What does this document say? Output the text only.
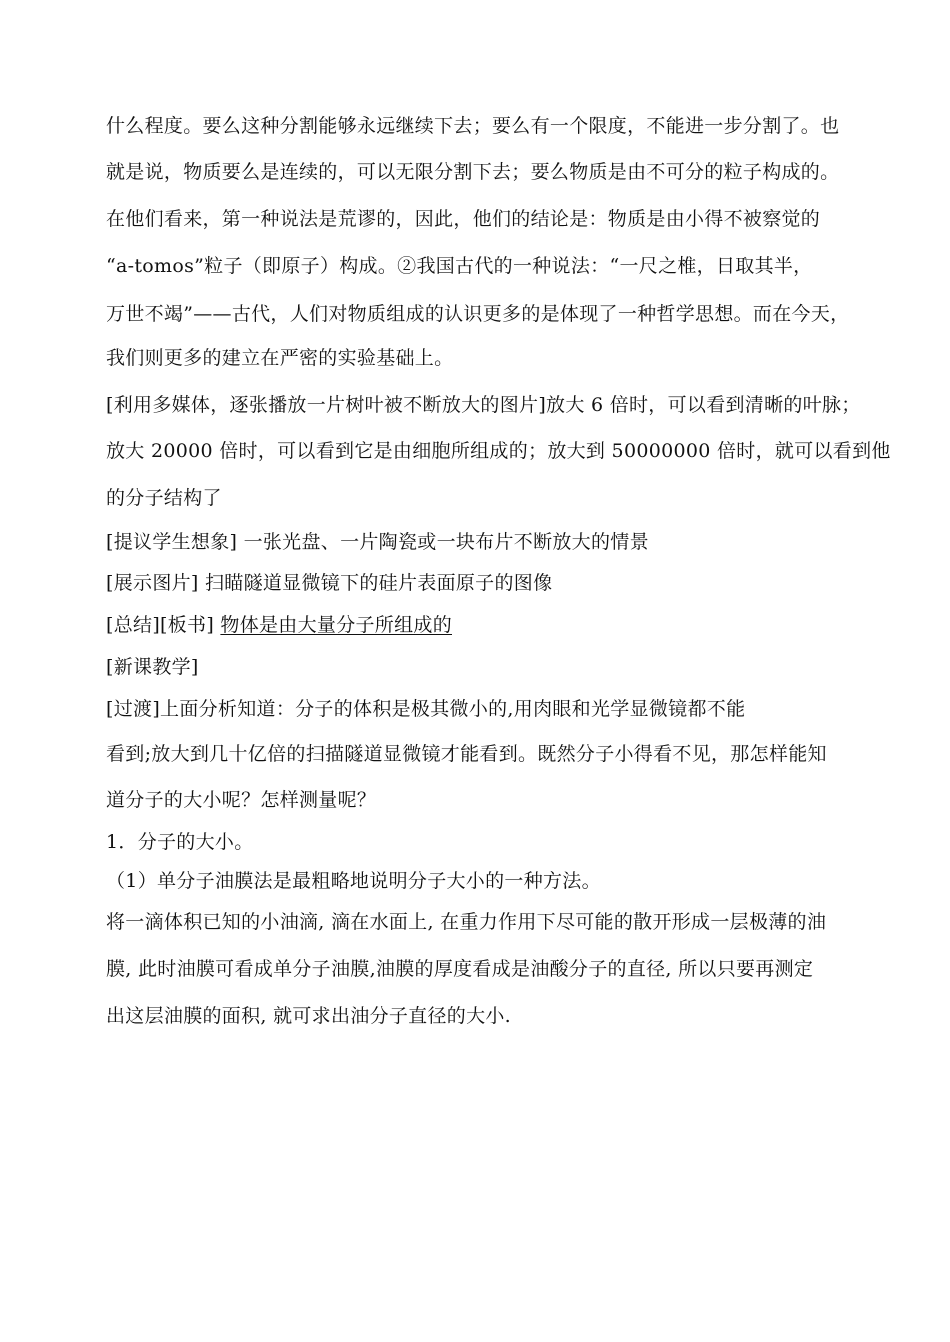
什么程度。要么这种分割能够永远继续下去；要么有一个限度，不能进一步分割了。也
就是说，物质要么是连续的，可以无限分割下去；要么物质是由不可分的粒子构成的。
在他们看来，第一种说法是荒谬的，因此，他们的结论是：物质是由小得不被察觉的
“a-tomos”粒子（即原子）构成。②我国古代的一种说法：“一尺之椎，日取其半，
万世不竭”——古代，人们对物质组成的认识更多的是体现了一种哲学思想。而在今天，
我们则更多的建立在严密的实验基础上。
[利用多媒体，逐张播放一片树叶被不断放大的图片]放大 6 倍时，可以看到清晰的叶脉；
放大 20000 倍时，可以看到它是由细胞所组成的；放大到 50000000 倍时，就可以看到他
的分子结构了
[提议学生想象] 一张光盘、一片陶瓷或一块布片不断放大的情景
[展示图片] 扫瞄隧道显微镜下的硅片表面原子的图像
[总结][板书] 物体是由大量分子所组成的
[新课教学]
[过渡]上面分析知道：分子的体积是极其微小的,用肉眼和光学显微镜都不能
看到;放大到几十亿倍的扫描隧道显微镜才能看到。既然分子小得看不见，那怎样能知
道分子的大小呢？怎样测量呢？
1．分子的大小。
（1）单分子油膜法是最粗略地说明分子大小的一种方法。
将一滴体积已知的小油滴, 滴在水面上, 在重力作用下尽可能的散开形成一层极薄的油
膜, 此时油膜可看成单分子油膜,油膜的厚度看成是油酸分子的直径, 所以只要再测定
出这层油膜的面积, 就可求出油分子直径的大小.
